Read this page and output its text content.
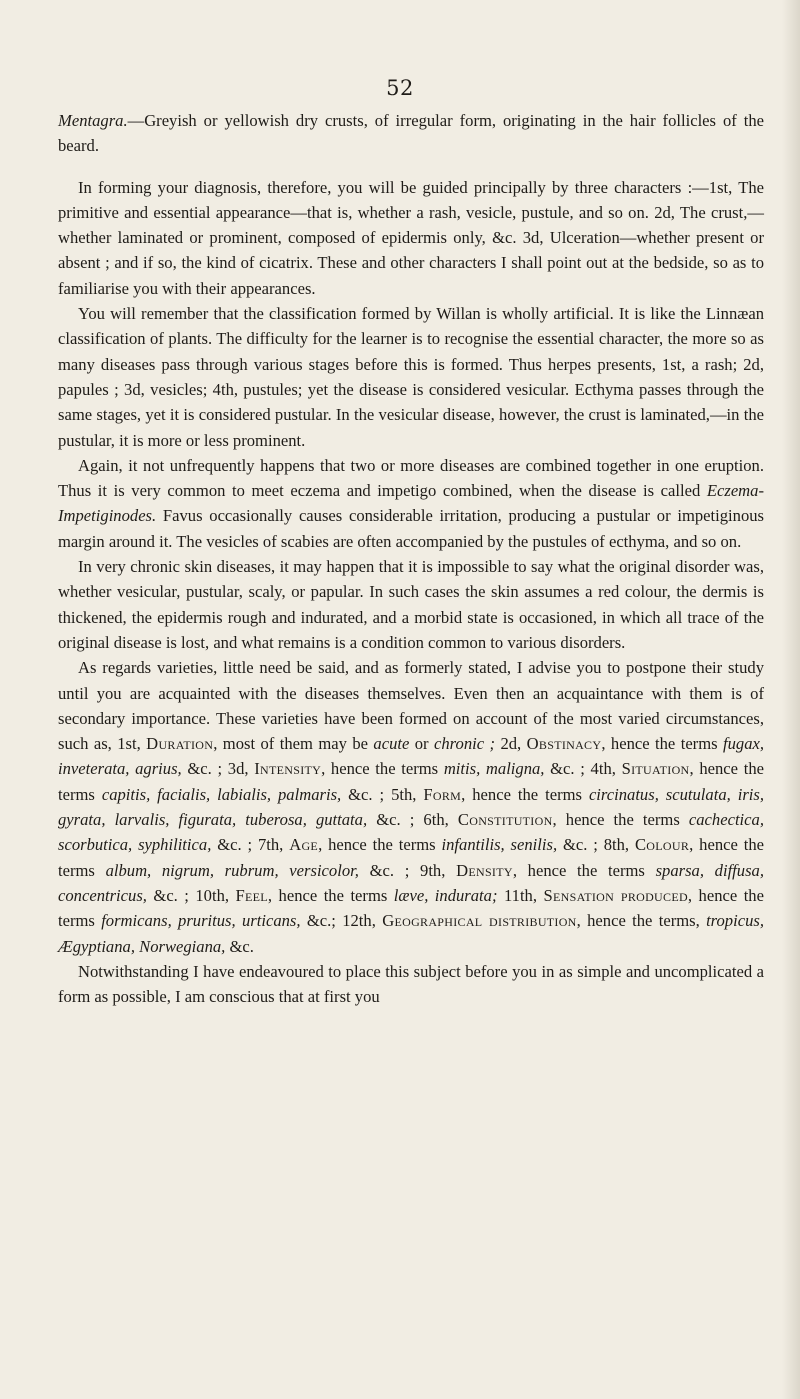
52

Mentagra.—Greyish or yellowish dry crusts, of irregular form, originating in the hair follicles of the beard.

In forming your diagnosis, therefore, you will be guided principally by three characters :—1st, The primitive and essential appearance—that is, whether a rash, vesicle, pustule, and so on. 2d, The crust,—whether laminated or prominent, composed of epidermis only, &c. 3d, Ulceration—whether present or absent ; and if so, the kind of cicatrix. These and other characters I shall point out at the bedside, so as to familiarise you with their appearances.

You will remember that the classification formed by Willan is wholly artificial. It is like the Linnæan classification of plants. The difficulty for the learner is to recognise the essential character, the more so as many diseases pass through various stages before this is formed. Thus herpes presents, 1st, a rash; 2d, papules ; 3d, vesicles; 4th, pustules; yet the disease is considered vesicular. Ecthyma passes through the same stages, yet it is considered pustular. In the vesicular disease, however, the crust is laminated,—in the pustular, it is more or less prominent.

Again, it not unfrequently happens that two or more diseases are combined together in one eruption. Thus it is very common to meet eczema and impetigo combined, when the disease is called Eczema-Impetiginodes. Favus occasionally causes considerable irritation, producing a pustular or impetiginous margin around it. The vesicles of scabies are often accompanied by the pustules of ecthyma, and so on.

In very chronic skin diseases, it may happen that it is impossible to say what the original disorder was, whether vesicular, pustular, scaly, or papular. In such cases the skin assumes a red colour, the dermis is thickened, the epidermis rough and indurated, and a morbid state is occasioned, in which all trace of the original disease is lost, and what remains is a condition common to various disorders.

As regards varieties, little need be said, and as formerly stated, I advise you to postpone their study until you are acquainted with the diseases themselves. Even then an acquaintance with them is of secondary importance. These varieties have been formed on account of the most varied circumstances, such as, 1st, Duration, most of them may be acute or chronic ; 2d, Obstinacy, hence the terms fugax, inveterata, agrius, &c. ; 3d, Intensity, hence the terms mitis, maligna, &c. ; 4th, Situation, hence the terms capitis, facialis, labialis, palmaris, &c. ; 5th, Form, hence the terms circinatus, scutulata, iris, gyrata, larvalis, figurata, tuberosa, guttata, &c. ; 6th, Constitution, hence the terms cachectica, scorbutica, syphilitica, &c. ; 7th, Age, hence the terms infantilis, senilis, &c. ; 8th, Colour, hence the terms album, nigrum, rubrum, versicolor, &c. ; 9th, Density, hence the terms sparsa, diffusa, concentricus, &c. ; 10th, Feel, hence the terms læve, indurata; 11th, Sensation produced, hence the terms formicans, pruritus, urticans, &c.; 12th, Geographical distribution, hence the terms, tropicus, Ægyptiana, Norwegiana, &c.

Notwithstanding I have endeavoured to place this subject before you in as simple and uncomplicated a form as possible, I am conscious that at first you
